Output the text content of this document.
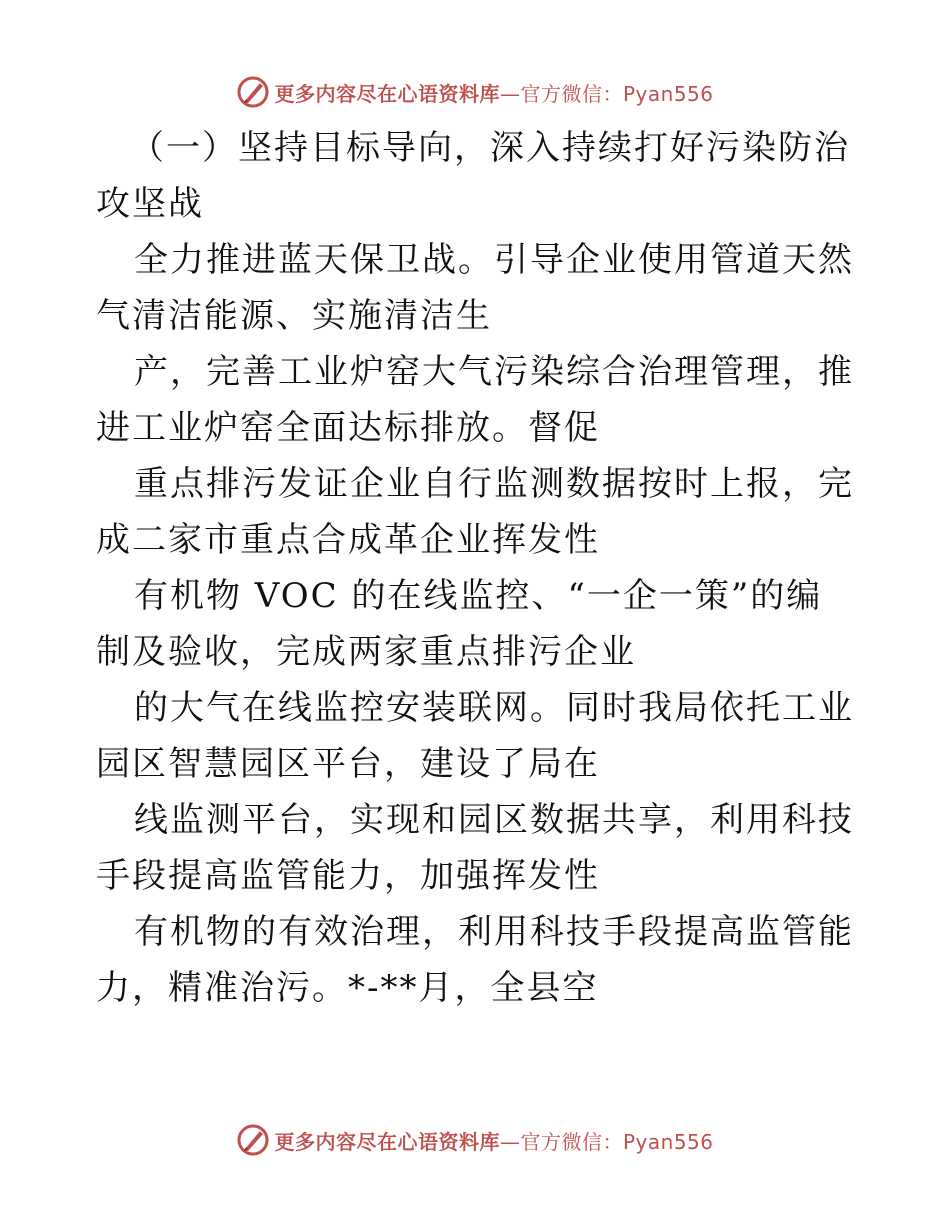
更多内容尽在心语资料库—官方微信：Pyan556

（一）坚持目标导向，深入持续打好污染防治攻坚战

全力推进蓝天保卫战。引导企业使用管道天然气清洁能源、实施清洁生

产，完善工业炉窑大气污染综合治理管理，推进工业炉窑全面达标排放。督促

重点排污发证企业自行监测数据按时上报，完成二家市重点合成革企业挥发性

有机物 VOC 的在线监控、“一企一策”的编制及验收，完成两家重点排污企业

的大气在线监控安装联网。同时我局依托工业园区智慧园区平台，建设了局在

线监测平台，实现和园区数据共享，利用科技手段提高监管能力，加强挥发性

有机物的有效治理，利用科技手段提高监管能力，精准治污。*-**月，全县空

更多内容尽在心语资料库—官方微信：Pyan556
